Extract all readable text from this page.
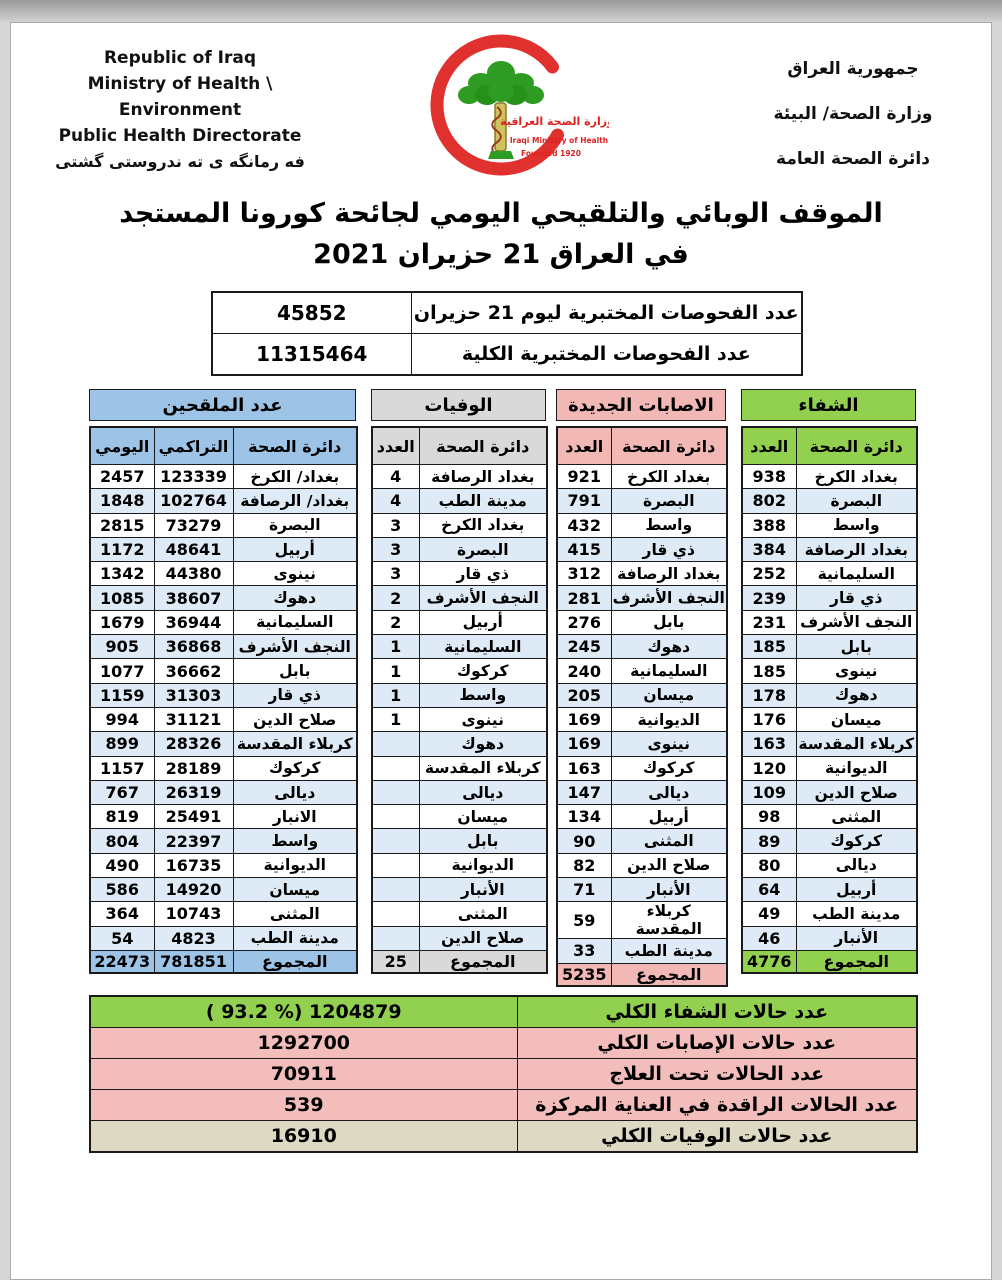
Republic of Iraq
Ministry of Health \ Environment
Public Health Directorate
فه رمانگه ى ته ندروستى گشتى
وزارة الصحة العراقية
Iraqi Ministry of Health
Founded 1920
جمهورية العراق
وزارة الصحة/ البيئة
دائرة الصحة العامة
الموقف الوبائي والتلقيحي اليومي لجائحة كورونا المستجد
في العراق 21 حزيران 2021
45852	عدد الفحوصات المختبرية ليوم 21 حزيران
11315464	عدد الفحوصات المختبرية الكلية
عدد الملقحين
اليومي	التراكمي	دائرة الصحة
2457	123339	بغداد/ الكرخ
1848	102764	بغداد/ الرصافة
2815	73279	البصرة
1172	48641	أربيل
1342	44380	نينوى
1085	38607	دهوك
1679	36944	السليمانية
905	36868	النجف الأشرف
1077	36662	بابل
1159	31303	ذي قار
994	31121	صلاح الدين
899	28326	كربلاء المقدسة
1157	28189	كركوك
767	26319	ديالى
819	25491	الانبار
804	22397	واسط
490	16735	الديوانية
586	14920	ميسان
364	10743	المثنى
54	4823	مدينة الطب
22473	781851	المجموع
الوفيات
العدد	دائرة الصحة
4	بغداد الرصافة
4	مدينة الطب
3	بغداد الكرخ
3	البصرة
3	ذي قار
2	النجف الأشرف
2	أربيل
1	السليمانية
1	كركوك
1	واسط
1	نينوى
	دهوك
	كربلاء المقدسة
	ديالى
	ميسان
	بابل
	الديوانية
	الأنبار
	المثنى
	صلاح الدين
25	المجموع
الاصابات الجديدة
العدد	دائرة الصحة
921	بغداد الكرخ
791	البصرة
432	واسط
415	ذي قار
312	بغداد الرصافة
281	النجف الأشرف
276	بابل
245	دهوك
240	السليمانية
205	ميسان
169	الديوانية
169	نينوى
163	كركوك
147	ديالى
134	أربيل
90	المثنى
82	صلاح الدين
71	الأنبار
59	كربلاء المقدسة
33	مدينة الطب
5235	المجموع
الشفاء
العدد	دائرة الصحة
938	بغداد الكرخ
802	البصرة
388	واسط
384	بغداد الرصافة
252	السليمانية
239	ذي قار
231	النجف الأشرف
185	بابل
185	نينوى
178	دهوك
176	ميسان
163	كربلاء المقدسة
120	الديوانية
109	صلاح الدين
98	المثنى
89	كركوك
80	ديالى
64	أربيل
49	مدينة الطب
46	الأنبار
4776	المجموع
( 93.2 %) 1204879	عدد حالات الشفاء الكلي
1292700	عدد حالات الإصابات الكلي
70911	عدد الحالات تحت العلاج
539	عدد الحالات الراقدة في العناية المركزة
16910	عدد حالات الوفيات الكلي
